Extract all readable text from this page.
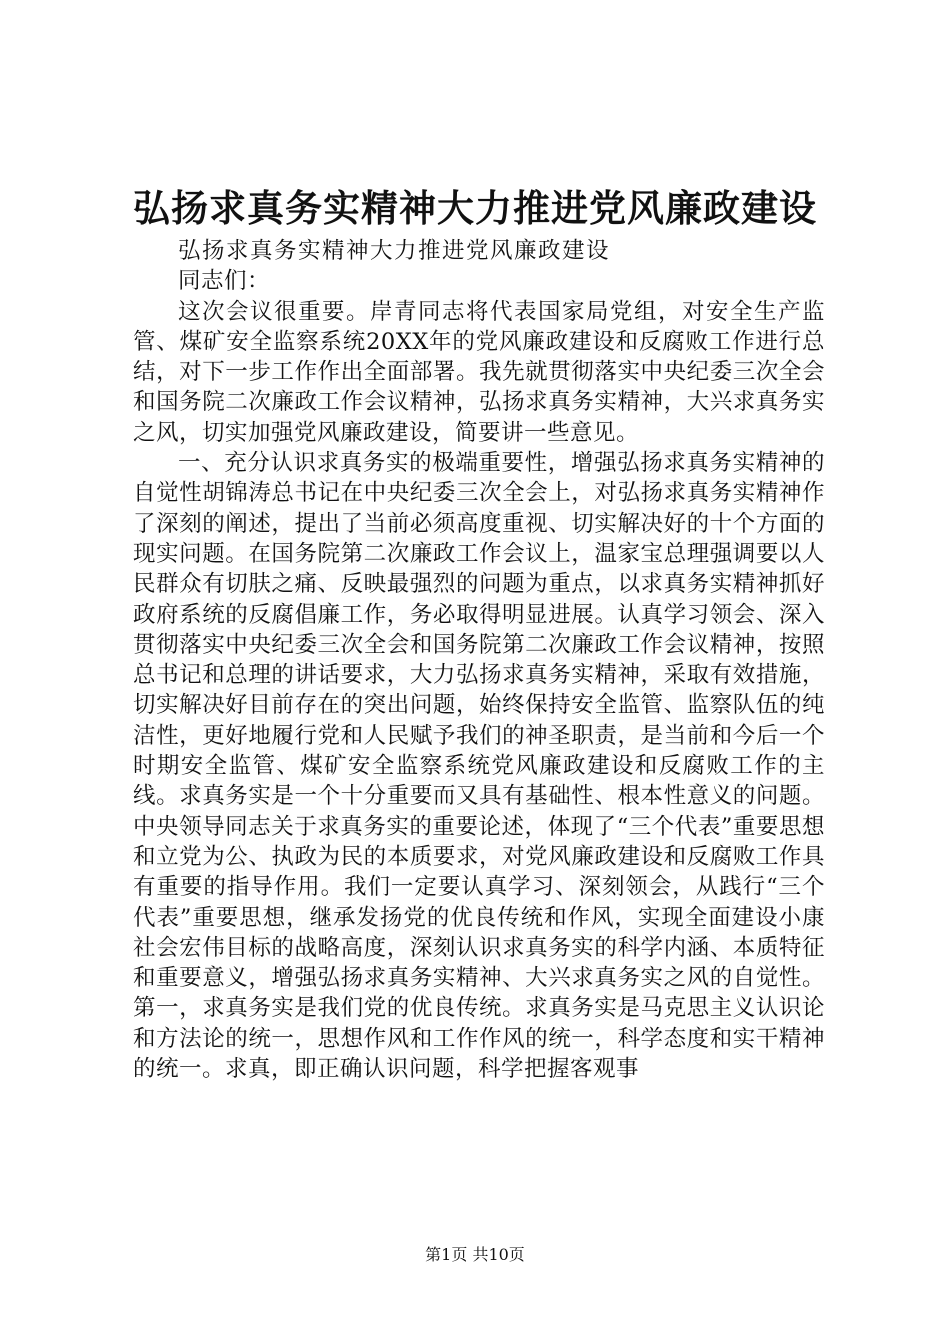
弘扬求真务实精神大力推进党风廉政建设

弘扬求真务实精神大力推进党风廉政建设

同志们：

这次会议很重要。岸青同志将代表国家局党组，对安全生产监管、煤矿安全监察系统20XX年的党风廉政建设和反腐败工作进行总结，对下一步工作作出全面部署。我先就贯彻落实中央纪委三次全会和国务院二次廉政工作会议精神，弘扬求真务实精神，大兴求真务实之风，切实加强党风廉政建设，简要讲一些意见。

一、充分认识求真务实的极端重要性，增强弘扬求真务实精神的自觉性胡锦涛总书记在中央纪委三次全会上，对弘扬求真务实精神作了深刻的阐述，提出了当前必须高度重视、切实解决好的十个方面的现实问题。在国务院第二次廉政工作会议上，温家宝总理强调要以人民群众有切肤之痛、反映最强烈的问题为重点，以求真务实精神抓好政府系统的反腐倡廉工作，务必取得明显进展。认真学习领会、深入贯彻落实中央纪委三次全会和国务院第二次廉政工作会议精神，按照总书记和总理的讲话要求，大力弘扬求真务实精神，采取有效措施，切实解决好目前存在的突出问题，始终保持安全监管、监察队伍的纯洁性，更好地履行党和人民赋予我们的神圣职责，是当前和今后一个时期安全监管、煤矿安全监察系统党风廉政建设和反腐败工作的主线。求真务实是一个十分重要而又具有基础性、根本性意义的问题。中央领导同志关于求真务实的重要论述，体现了“三个代表”重要思想和立党为公、执政为民的本质要求，对党风廉政建设和反腐败工作具有重要的指导作用。我们一定要认真学习、深刻领会，从践行“三个代表”重要思想，继承发扬党的优良传统和作风，实现全面建设小康社会宏伟目标的战略高度，深刻认识求真务实的科学内涵、本质特征和重要意义，增强弘扬求真务实精神、大兴求真务实之风的自觉性。第一，求真务实是我们党的优良传统。求真务实是马克思主义认识论和方法论的统一，思想作风和工作作风的统一，科学态度和实干精神的统一。求真，即正确认识问题，科学把握客观事

第1页 共10页
